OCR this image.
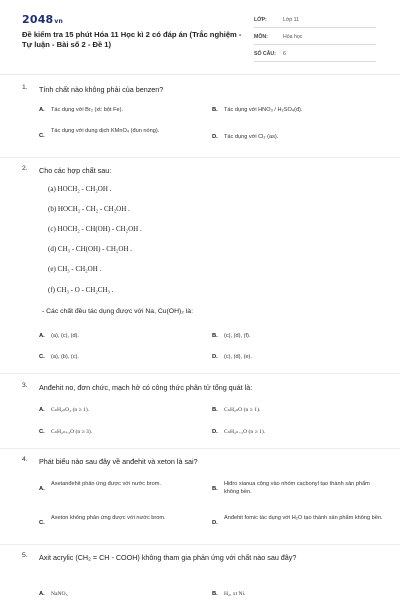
2048vn
Đề kiểm tra 15 phút Hóa 11 Học kì 2 có đáp án (Trắc nghiệm - Tự luận - Bài số 2 - Đề 1)
LỚP:	Lớp 11
MÔN:	Hóa học
SỐ CÂU: 6
1. Tính chất nào không phải của benzen?
A. Tác dụng với Br₂ (xt: bột Fe).	B. Tác dụng với HNO₃ / H₂SO₄(đ).
C.
Tác dụng với dung dịch KMnO₄ (đun nóng).
D. Tác dụng với Cl₂ (as).
2. Cho các hợp chất sau:
(a) HOCH₂ - CH₂OH .
(b) HOCH₂ - CH₂ - CH₂OH .
(c) HOCH₂ - CH(OH) - CH₂OH .
(d) CH₃ - CH(OH) - CH₂OH .
(e) CH₃ - CH₂OH .
(f) CH₃ - O - CH₂CH₃ .
- Các chất đều tác dụng được với Na, Cu(OH)₂ là:
A. (a), (c), (d).	B. (c), (d), (f).
C. (a), (b), (c).	D. (c), (d), (e).
3. Anđehit no, đơn chức, mạch hở có công thức phân tử tổng quát là:
A. CₙH₂ₙO₂ (n ≥ 1).	B. CₙH₂ₙO (n ≥ 1).
C. CₙH₂ₙ₊₂O (n ≥ 3).	D. CₙH₂ₙ₋₂O (n ≥ 1).
4. Phát biểu nào sau đây về anđehit và xeton là sai?
A.
Axetanđehit phản ứng được với nước brom.
B.
Hiđro xianua cộng vào nhóm cacbonyl tạo thành sản phẩm không bền.
C.
Axeton không phản ứng được với nước brom.
D.
Anđehit fomic tác dụng với H₂O tạo thành sản phẩm không bền.
5. Axit acrylic (CH₂ = CH - COOH) không tham gia phản ứng với chất nào sau đây?
A. NaNO₃	B. H₂, xt Ni.
